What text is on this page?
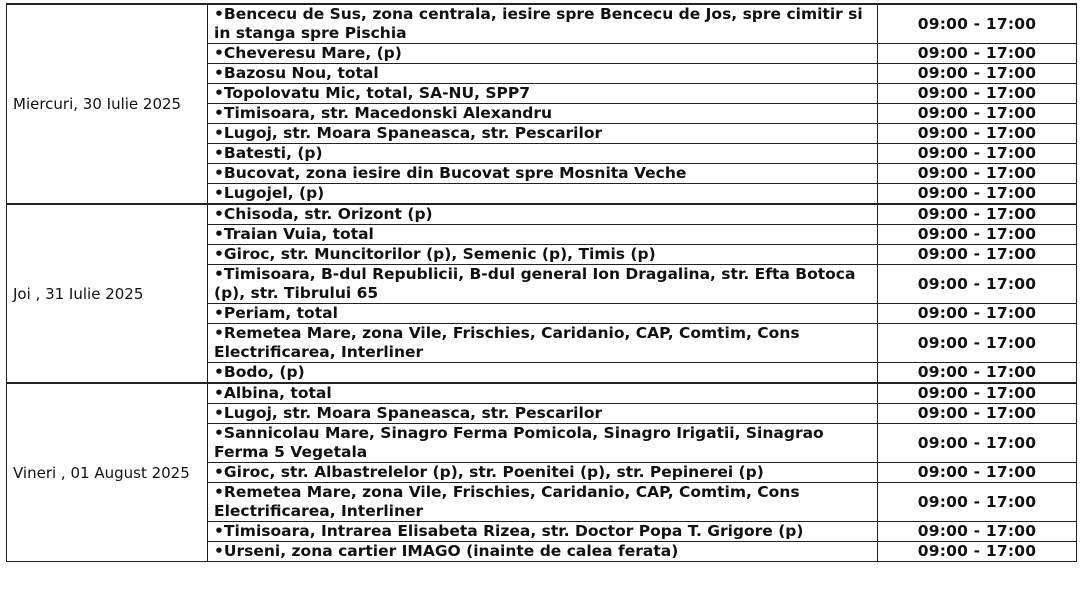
Miercuri, 30 Iulie 2025	•Bencecu de Sus, zona centrala, iesire spre Bencecu de Jos, spre cimitir si in stanga spre Pischia	09:00 - 17:00
	•Cheveresu Mare, (p)	09:00 - 17:00
	•Bazosu Nou, total	09:00 - 17:00
	•Topolovatu Mic, total, SA-NU, SPP7	09:00 - 17:00
	•Timisoara, str. Macedonski Alexandru	09:00 - 17:00
	•Lugoj, str. Moara Spaneasca, str. Pescarilor	09:00 - 17:00
	•Batesti, (p)	09:00 - 17:00
	•Bucovat, zona iesire din Bucovat spre Mosnita Veche	09:00 - 17:00
	•Lugojel, (p)	09:00 - 17:00
Joi , 31 Iulie 2025	•Chisoda, str. Orizont (p)	09:00 - 17:00
	•Traian Vuia, total	09:00 - 17:00
	•Giroc, str. Muncitorilor (p), Semenic (p), Timis (p)	09:00 - 17:00
	•Timisoara, B-dul Republicii, B-dul general Ion Dragalina, str. Efta Botoca (p), str. Tibrului 65	09:00 - 17:00
	•Periam, total	09:00 - 17:00
	•Remetea Mare, zona Vile, Frischies, Caridanio, CAP, Comtim, Cons Electrificarea, Interliner	09:00 - 17:00
	•Bodo, (p)	09:00 - 17:00
Vineri , 01 August 2025	•Albina, total	09:00 - 17:00
	•Lugoj, str. Moara Spaneasca, str. Pescarilor	09:00 - 17:00
	•Sannicolau Mare, Sinagro Ferma Pomicola, Sinagro Irigatii, Sinagrao Ferma 5 Vegetala	09:00 - 17:00
	•Giroc, str. Albastrelelor (p), str. Poenitei (p), str. Pepinerei (p)	09:00 - 17:00
	•Remetea Mare, zona Vile, Frischies, Caridanio, CAP, Comtim, Cons Electrificarea, Interliner	09:00 - 17:00
	•Timisoara, Intrarea Elisabeta Rizea, str. Doctor Popa T. Grigore (p)	09:00 - 17:00
	•Urseni, zona cartier IMAGO (inainte de calea ferata)	09:00 - 17:00
